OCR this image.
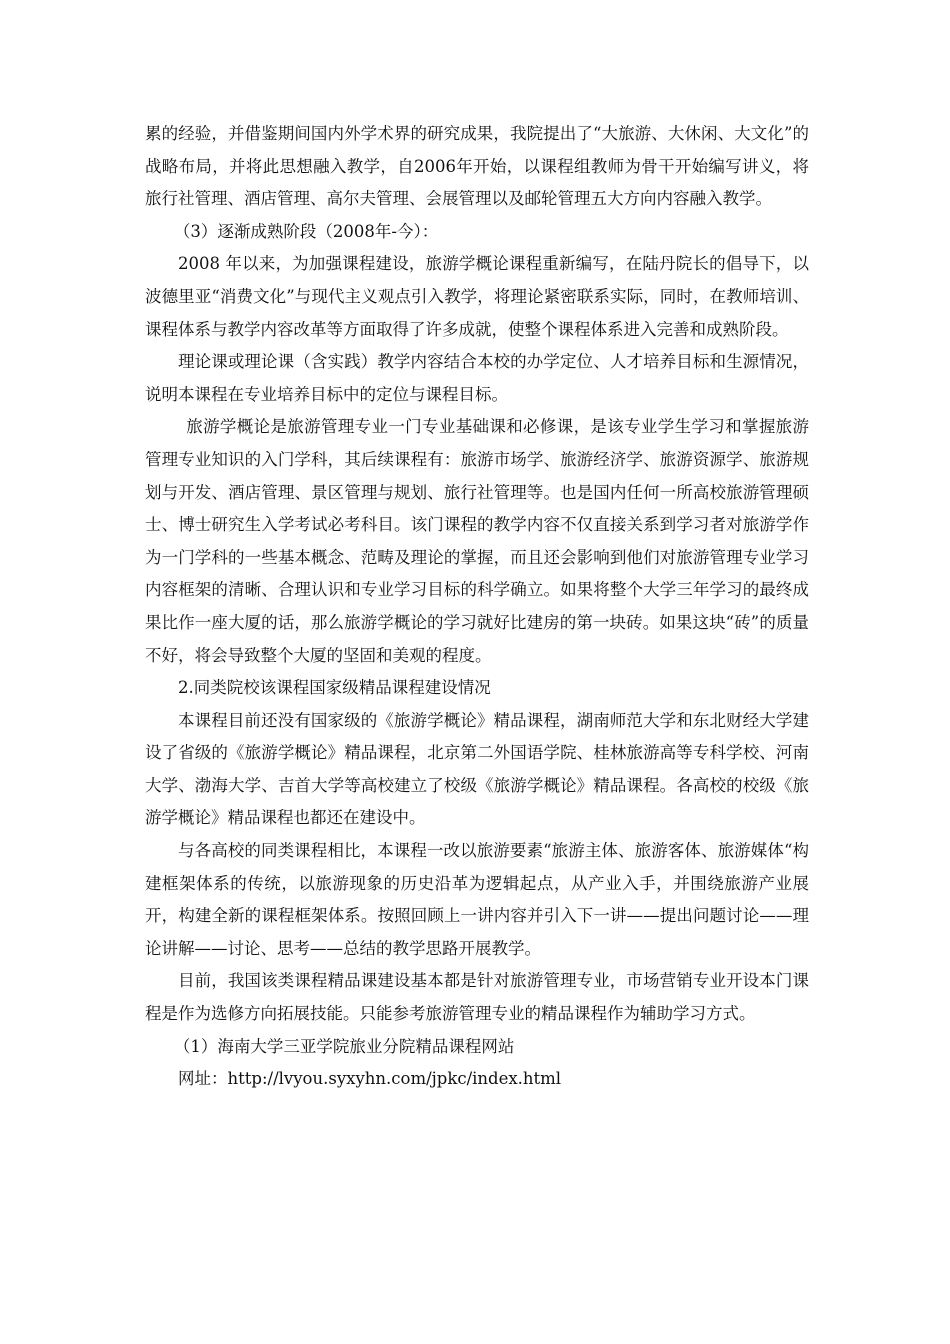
累的经验，并借鉴期间国内外学术界的研究成果，我院提出了“大旅游、大休闲、大文化”的战略布局，并将此思想融入教学，自2006年开始，以课程组教师为骨干开始编写讲义，将旅行社管理、酒店管理、高尔夫管理、会展管理以及邮轮管理五大方向内容融入教学。

（3）逐渐成熟阶段（2008年-今）：

2008 年以来，为加强课程建设，旅游学概论课程重新编写，在陆丹院长的倡导下，以波德里亚“消费文化”与现代主义观点引入教学，将理论紧密联系实际，同时，在教师培训、课程体系与教学内容改革等方面取得了许多成就，使整个课程体系进入完善和成熟阶段。

理论课或理论课（含实践）教学内容结合本校的办学定位、人才培养目标和生源情况，说明本课程在专业培养目标中的定位与课程目标。

旅游学概论是旅游管理专业一门专业基础课和必修课，是该专业学生学习和掌握旅游管理专业知识的入门学科，其后续课程有：旅游市场学、旅游经济学、旅游资源学、旅游规划与开发、酒店管理、景区管理与规划、旅行社管理等。也是国内任何一所高校旅游管理硕士、博士研究生入学考试必考科目。该门课程的教学内容不仅直接关系到学习者对旅游学作为一门学科的一些基本概念、范畴及理论的掌握，而且还会影响到他们对旅游管理专业学习内容框架的清晰、合理认识和专业学习目标的科学确立。如果将整个大学三年学习的最终成果比作一座大厦的话，那么旅游学概论的学习就好比建房的第一块砖。如果这块“砖”的质量不好，将会导致整个大厦的坚固和美观的程度。

2.同类院校该课程国家级精品课程建设情况

本课程目前还没有国家级的《旅游学概论》精品课程，湖南师范大学和东北财经大学建设了省级的《旅游学概论》精品课程，北京第二外国语学院、桂林旅游高等专科学校、河南大学、渤海大学、吉首大学等高校建立了校级《旅游学概论》精品课程。各高校的校级《旅游学概论》精品课程也都还在建设中。

与各高校的同类课程相比，本课程一改以旅游要素“旅游主体、旅游客体、旅游媒体“构建框架体系的传统，以旅游现象的历史沿革为逻辑起点，从产业入手，并围绕旅游产业展开，构建全新的课程框架体系。按照回顾上一讲内容并引入下一讲——提出问题讨论——理论讲解——讨论、思考——总结的教学思路开展教学。

目前，我国该类课程精品课建设基本都是针对旅游管理专业，市场营销专业开设本门课程是作为选修方向拓展技能。只能参考旅游管理专业的精品课程作为辅助学习方式。

（1）海南大学三亚学院旅业分院精品课程网站

网址：http://lvyou.syxyhn.com/jpkc/index.html
